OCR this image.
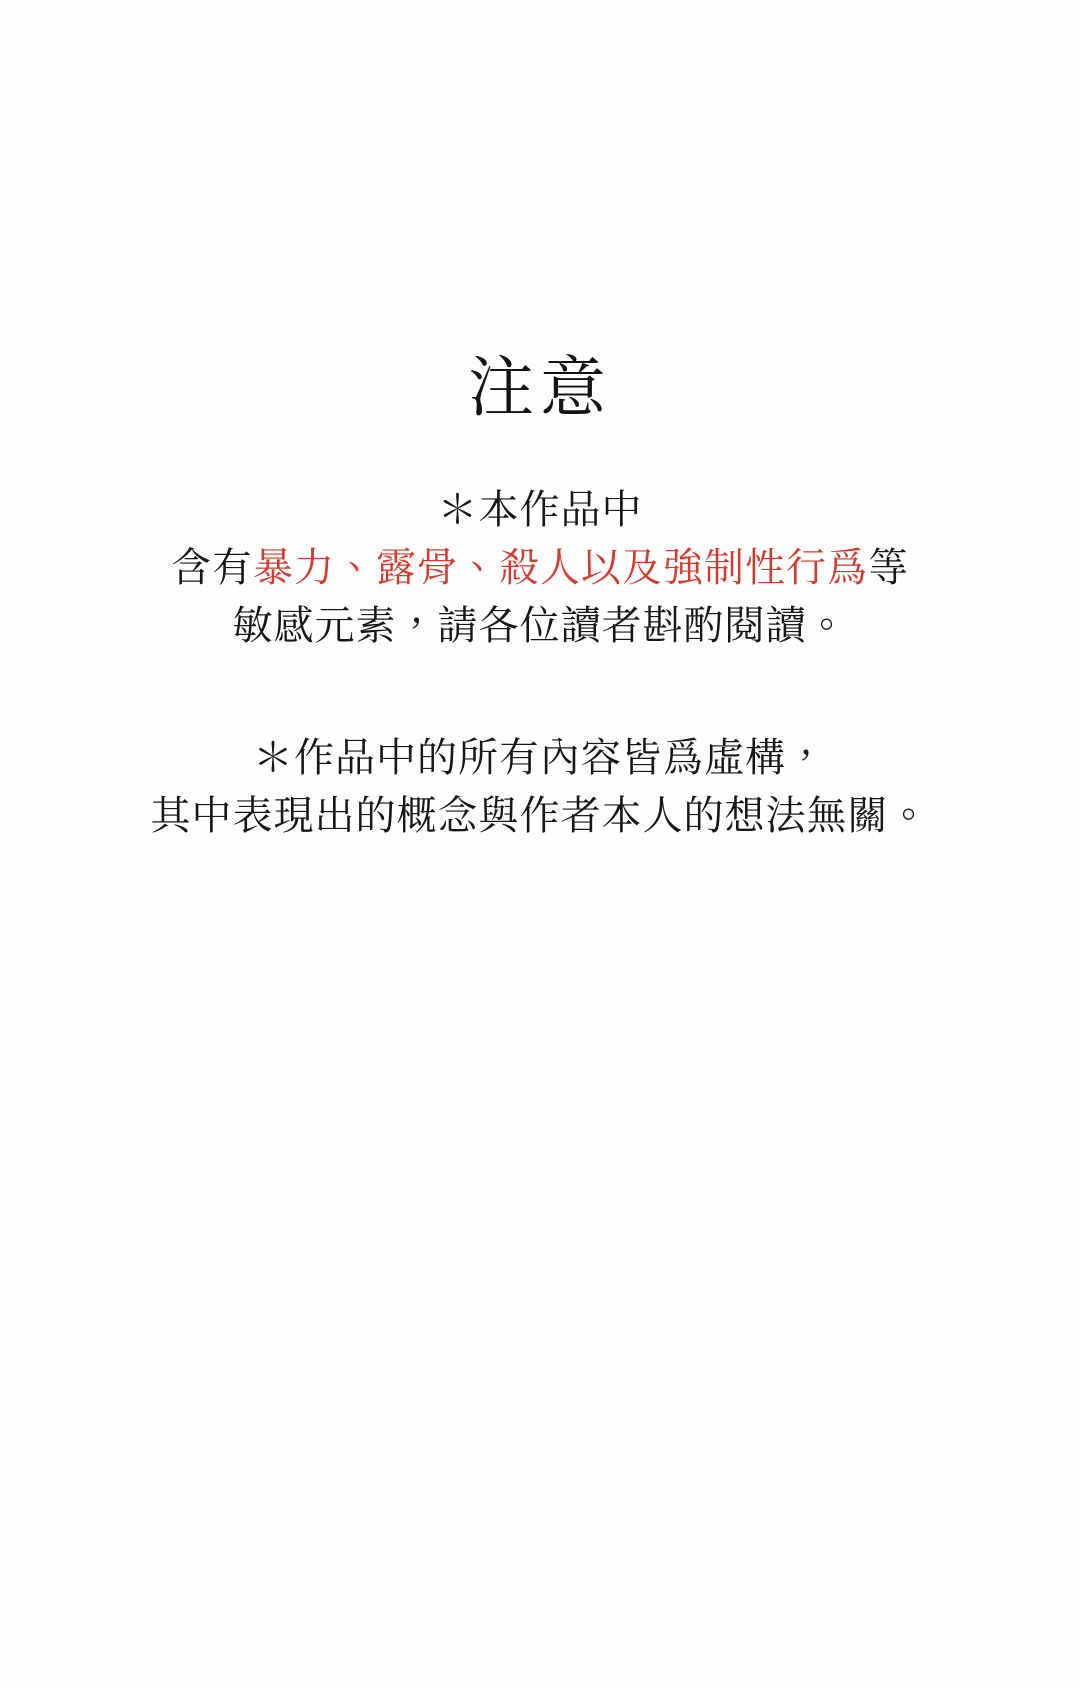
注意

＊本作品中
含有暴力、露骨、殺人以及強制性行爲等
敏感元素，請各位讀者斟酌閱讀。

＊作品中的所有內容皆爲虛構，
其中表現出的概念與作者本人的想法無關。
